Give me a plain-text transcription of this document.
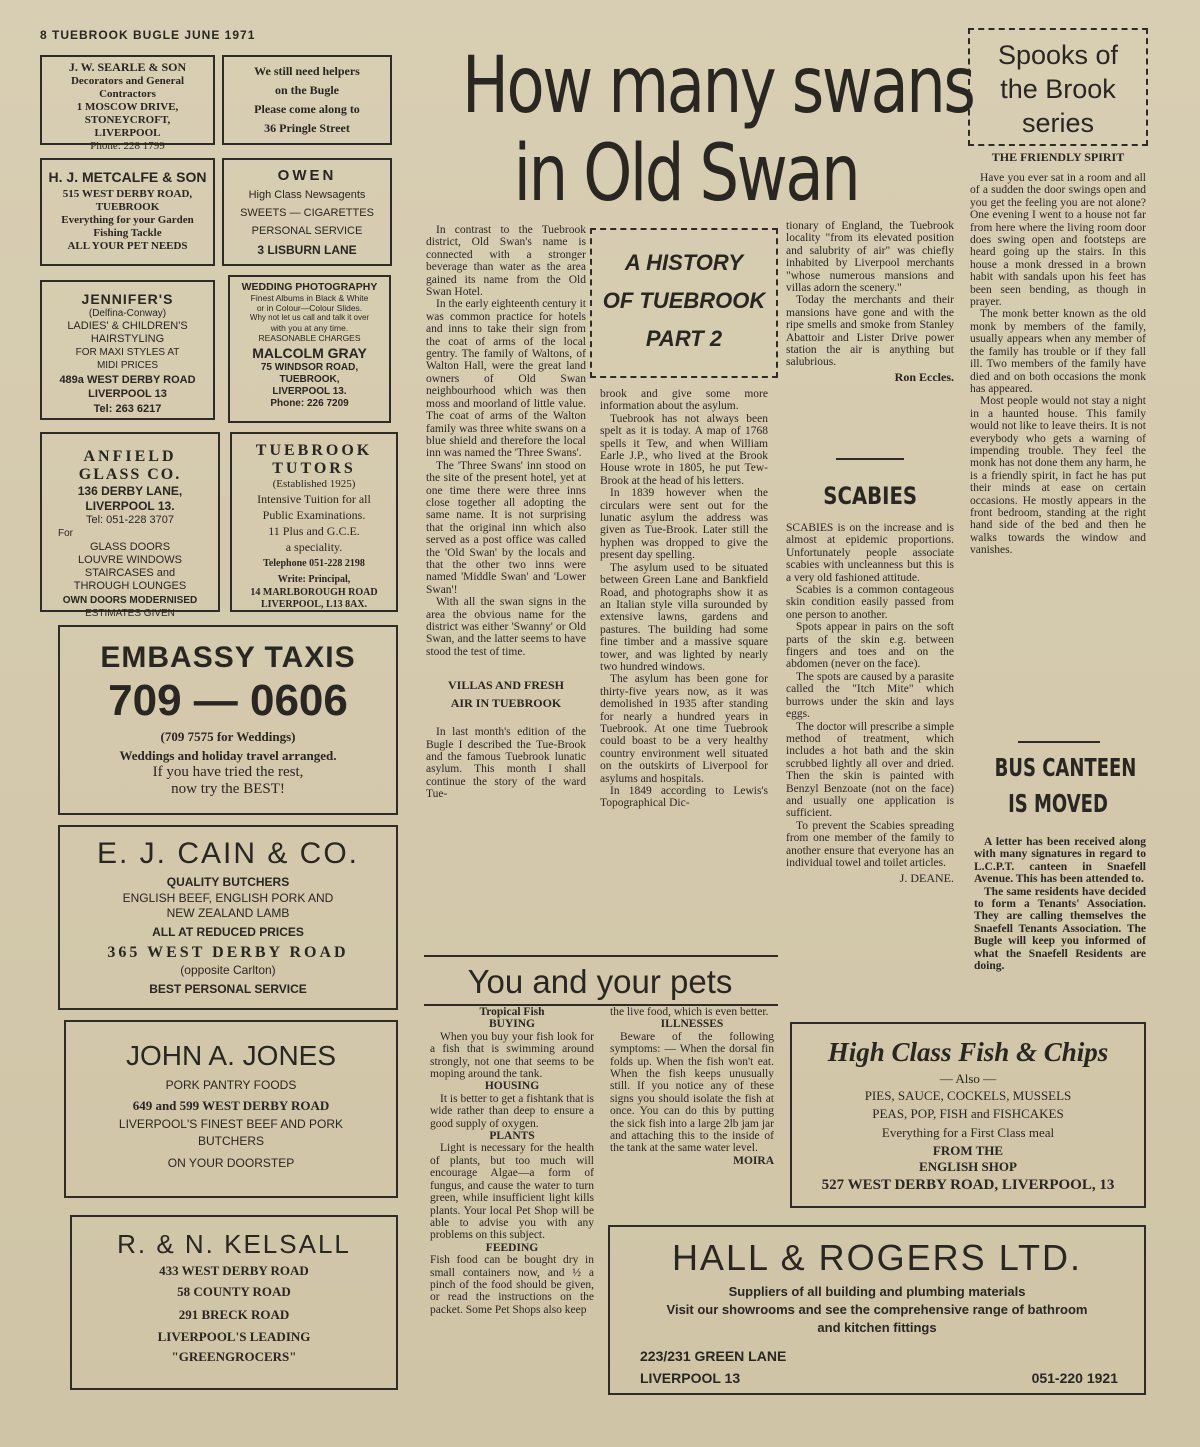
8 TUEBROOK BUGLE JUNE 1971
J. W. SEARLE & SON
Decorators and General
Contractors
1 MOSCOW DRIVE,
STONEYCROFT,
LIVERPOOL
Phone: 228 1799
We still need helpers
on the Bugle
Please come along to
36 Pringle Street
H. J. METCALFE & SON
515 WEST DERBY ROAD,
TUEBROOK
Everything for your Garden
Fishing Tackle
ALL YOUR PET NEEDS
OWEN
High Class Newsagents
SWEETS — CIGARETTES
PERSONAL SERVICE
3 LISBURN LANE
JENNIFER'S
(Delfina-Conway)
LADIES' & CHILDREN'S
HAIRSTYLING
FOR MAXI STYLES AT
MIDI PRICES
489a WEST DERBY ROAD
LIVERPOOL 13
Tel: 263 6217
WEDDING PHOTOGRAPHY
Finest Albums in Black & White
or in Colour—Colour Slides.
Why not let us call and talk it over
with you at any time.
REASONABLE CHARGES
MALCOLM GRAY
75 WINDSOR ROAD,
TUEBROOK,
LIVERPOOL 13.
Phone: 226 7209
ANFIELD
GLASS CO.
136 DERBY LANE,
LIVERPOOL 13.
Tel: 051-228 3707
For
GLASS DOORS
LOUVRE WINDOWS
STAIRCASES and
THROUGH LOUNGES
OWN DOORS MODERNISED
ESTIMATES GIVEN
TUEBROOK
TUTORS
(Established 1925)
Intensive Tuition for all
Public Examinations.
11 Plus and G.C.E.
a speciality.
Telephone 051-228 2198
Write: Principal,
14 MARLBOROUGH ROAD
LIVERPOOL, L13 8AX.
EMBASSY TAXIS
709 — 0606
(709 7575 for Weddings)
Weddings and holiday travel arranged.
If you have tried the rest,
now try the BEST!
E. J. CAIN & CO.
QUALITY BUTCHERS
ENGLISH BEEF, ENGLISH PORK AND
NEW ZEALAND LAMB
ALL AT REDUCED PRICES
365 WEST DERBY ROAD
(opposite Carlton)
BEST PERSONAL SERVICE
JOHN A. JONES
PORK PANTRY FOODS
649 and 599 WEST DERBY ROAD
LIVERPOOL'S FINEST BEEF AND PORK
BUTCHERS
ON YOUR DOORSTEP
R. & N. KELSALL
433 WEST DERBY ROAD
58 COUNTY ROAD
291 BRECK ROAD
LIVERPOOL'S LEADING
"GREENGROCERS"
How many swans
in Old Swan

In contrast to the Tuebrook district, Old Swan's name is connected with a stronger beverage than water as the area gained its name from the Old Swan Hotel.

In the early eighteenth century it was common practice for hotels and inns to take their sign from the coat of arms of the local gentry. The family of Waltons, of Walton Hall, were the great land owners of Old Swan neighbourhood which was then moss and moorland of little value. The coat of arms of the Walton family was three white swans on a blue shield and therefore the local inn was named the 'Three Swans'.

The 'Three Swans' inn stood on the site of the present hotel, yet at one time there were three inns close together all adopting the same name. It is not surprising that the original inn which also served as a post office was called the 'Old Swan' by the locals and that the other two inns were named 'Middle Swan' and 'Lower Swan'!

With all the swan signs in the area the obvious name for the district was either 'Swanny' or Old Swan, and the latter seems to have stood the test of time.

VILLAS AND FRESH
AIR IN TUEBROOK

In last month's edition of the Bugle I described the Tue-Brook and the famous Tuebrook lunatic asylum. This month I shall continue the story of the ward Tue-

A HISTORY
OF TUEBROOK
PART 2

brook and give some more information about the asylum.

Tuebrook has not always been spelt as it is today. A map of 1768 spells it Tew, and when William Earle J.P., who lived at the Brook House wrote in 1805, he put Tew-Brook at the head of his letters.

In 1839 however when the circulars were sent out for the lunatic asylum the address was given as Tue-Brook. Later still the hyphen was dropped to give the present day spelling.

The asylum used to be situated between Green Lane and Bankfield Road, and photographs show it as an Italian style villa surounded by extensive lawns, gardens and pastures. The building had some fine timber and a massive square tower, and was lighted by nearly two hundred windows.

The asylum has been gone for thirty-five years now, as it was demolished in 1935 after standing for nearly a hundred years in Tuebrook. At one time Tuebrook could boast to be a very healthy country environment well situated on the outskirts of Liverpool for asylums and hospitals.

In 1849 according to Lewis's Topographical Dic-

tionary of England, the Tuebrook locality "from its elevated position and salubrity of air" was chiefly inhabited by Liverpool merchants "whose numerous mansions and villas adorn the scenery."

Today the merchants and their mansions have gone and with the ripe smells and smoke from Stanley Abattoir and Lister Drive power station the air is anything but salubrious.

Ron Eccles.
SCABIES

SCABIES is on the increase and is almost at epidemic proportions. Unfortunately people associate scabies with uncleanness but this is a very old fashioned attitude.

Scabies is a common contageous skin condition easily passed from one person to another.

Spots appear in pairs on the soft parts of the skin e.g. between fingers and toes and on the abdomen (never on the face).

The spots are caused by a parasite called the "Itch Mite" which burrows under the skin and lays eggs.

The doctor will prescribe a simple method of treatment, which includes a hot bath and the skin scrubbed lightly all over and dried. Then the skin is painted with Benzyl Benzoate (not on the face) and usually one application is sufficient.

To prevent the Scabies spreading from one member of the family to another ensure that everyone has an individual towel and toilet articles.

J. DEANE.
Spooks of
the Brook
series
THE FRIENDLY SPIRIT

Have you ever sat in a room and all of a sudden the door swings open and you get the feeling you are not alone? One evening I went to a house not far from here where the living room door does swing open and footsteps are heard going up the stairs. In this house a monk dressed in a brown habit with sandals upon his feet has been seen bending, as though in prayer.

The monk better known as the old monk by members of the family, usually appears when any member of the family has trouble or if they fall ill. Two members of the family have died and on both occasions the monk has appeared.

Most people would not stay a night in a haunted house. This family would not like to leave theirs. It is not everybody who gets a warning of impending trouble. They feel the monk has not done them any harm, he is a friendly spirit, in fact he has put their minds at ease on certain occasions. He mostly appears in the front bedroom, standing at the right hand side of the bed and then he walks towards the window and vanishes.

BUS CANTEEN
IS MOVED

A letter has been received along with many signatures in regard to L.C.P.T. canteen in Snaefell Avenue. This has been attended to.

The same residents have decided to form a Tenants' Association. They are calling themselves the Snaefell Tenants Association. The Bugle will keep you informed of what the Snaefell Residents are doing.

You and your pets
Tropical Fish
BUYING

When you buy your fish look for a fish that is swimming around strongly, not one that seems to be moping around the tank.

HOUSING

It is better to get a fishtank that is wide rather than deep to ensure a good supply of oxygen.

PLANTS

Light is necessary for the health of plants, but too much will encourage Algae—a form of fungus, and cause the water to turn green, while insufficient light kills plants. Your local Pet Shop will be able to advise you with any problems on this subject.

FEEDING

Fish food can be bought dry in small containers now, and ½ a pinch of the food should be given, or read the instructions on the packet. Some Pet Shops also keep

the live food, which is even better.

ILLNESSES

Beware of the following symptoms: — When the dorsal fin folds up. When the fish won't eat. When the fish keeps unusually still. If you notice any of these signs you should isolate the fish at once. You can do this by putting the sick fish into a large 2lb jam jar and attaching this to the inside of the tank at the same water level.

MOIRA
High Class Fish & Chips
— Also —
PIES, SAUCE, COCKELS, MUSSELS
PEAS, POP, FISH and FISHCAKES
Everything for a First Class meal
FROM THE
ENGLISH SHOP
527 WEST DERBY ROAD, LIVERPOOL, 13
HALL & ROGERS LTD.
Suppliers of all building and plumbing materials
Visit our showrooms and see the comprehensive range of bathroom
and kitchen fittings
223/231 GREEN LANE
LIVERPOOL 13	051-220 1921
